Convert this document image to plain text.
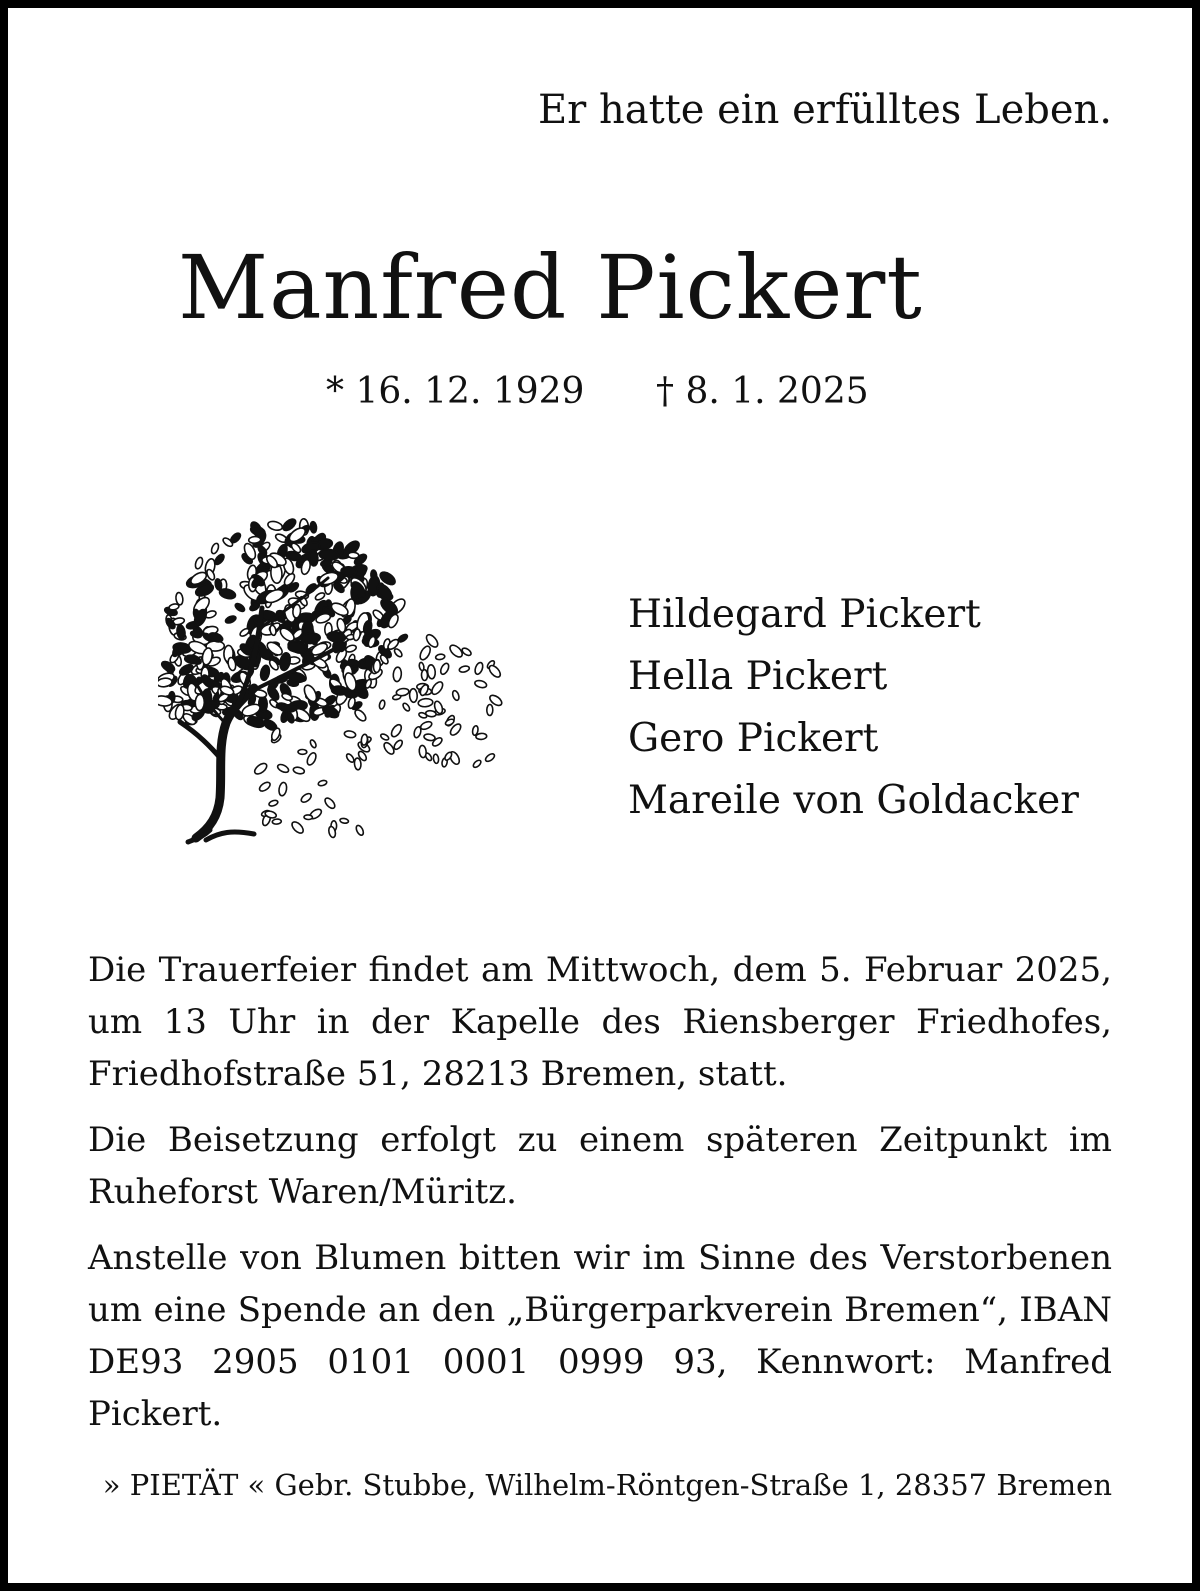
Er hatte ein erfülltes Leben.
Manfred Pickert
* 16. 12. 1929 † 8. 1. 2025
Hildegard Pickert
Hella Pickert
Gero Pickert
Mareile von Goldacker

Die Trauerfeier findet am Mittwoch, dem 5. Februar 2025, um 13 Uhr in der Kapelle des Riensberger Friedhofes, Friedhofstraße 51, 28213 Bremen, statt.

Die Beisetzung erfolgt zu einem späteren Zeitpunkt im Ruheforst Waren/Müritz.

Anstelle von Blumen bitten wir im Sinne des Verstorbenen um eine Spende an den „Bürgerparkverein Bremen“, IBAN DE93 2905 0101 0001 0999 93, Kennwort: Manfred Pickert.

» PIETÄT « Gebr. Stubbe, Wilhelm-Röntgen-Straße 1, 28357 Bremen
